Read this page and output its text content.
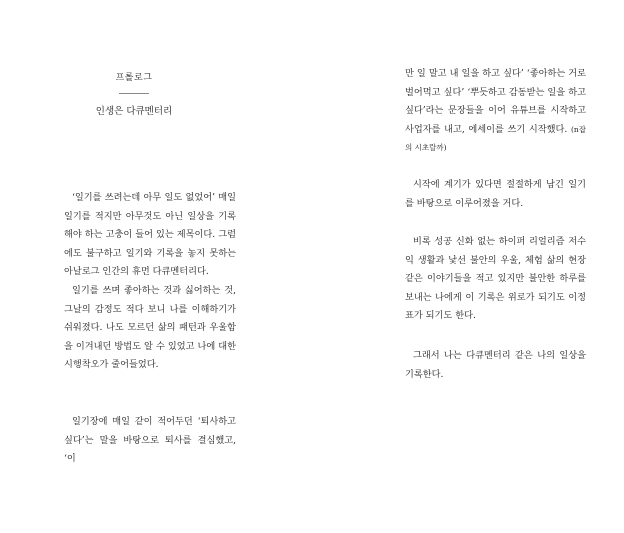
프롤로그
인생은 다큐멘터리

‘일기를 쓰려는데 아무 일도 없었어’ 매일 일기를 적지만 아무것도 아닌 일상을 기록해야 하는 고충이 들어 있는 제목이다. 그럼에도 불구하고 일기와 기록을 놓지 못하는 아날로그 인간의 휴먼 다큐멘터리다.

일기를 쓰며 좋아하는 것과 싫어하는 것, 그날의 감정도 적다 보니 나를 이해하기가 쉬워졌다. 나도 모르던 삶의 패턴과 우울함을 이겨내던 방법도 알 수 있었고 나에 대한 시행착오가 줄어들었다.

일기장에 매일 같이 적어두던 ‘퇴사하고 싶다’는 말을 바탕으로 퇴사를 결심했고, ‘이

만 일 말고 내 일을 하고 싶다’ ‘좋아하는 거로 벌어먹고 싶다’ ‘뿌듯하고 감동받는 일을 하고 싶다’라는 문장들을 이어 유튜브를 시작하고 사업자를 내고, 에세이를 쓰기 시작했다. (n잡의 시초랄까)

시작에 계기가 있다면 절절하게 남긴 일기를 바탕으로 이루어졌을 거다.

비록 성공 신화 없는 하이퍼 리얼리즘 저수익 생활과 낯선 불안의 우울, 체험 삶의 현장 같은 이야기들을 적고 있지만 불안한 하루를 보내는 나에게 이 기록은 위로가 되기도 이정표가 되기도 한다.

그래서 나는 다큐멘터리 같은 나의 일상을 기록한다.
